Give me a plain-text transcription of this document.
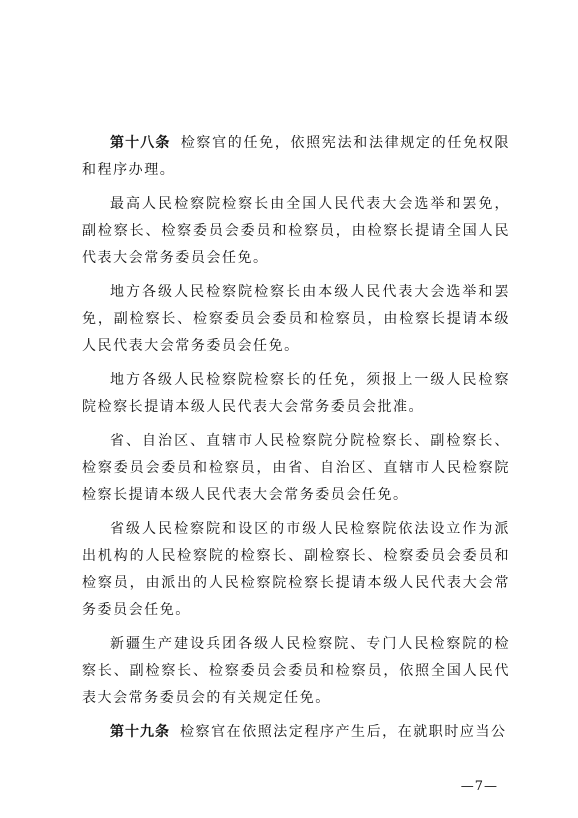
第十八条 检察官的任免，依照宪法和法律规定的任免权限和程序办理。

最高人民检察院检察长由全国人民代表大会选举和罢免，副检察长、检察委员会委员和检察员，由检察长提请全国人民代表大会常务委员会任免。

地方各级人民检察院检察长由本级人民代表大会选举和罢免，副检察长、检察委员会委员和检察员，由检察长提请本级人民代表大会常务委员会任免。

地方各级人民检察院检察长的任免，须报上一级人民检察院检察长提请本级人民代表大会常务委员会批准。

省、自治区、直辖市人民检察院分院检察长、副检察长、检察委员会委员和检察员，由省、自治区、直辖市人民检察院检察长提请本级人民代表大会常务委员会任免。

省级人民检察院和设区的市级人民检察院依法设立作为派出机构的人民检察院的检察长、副检察长、检察委员会委员和检察员，由派出的人民检察院检察长提请本级人民代表大会常务委员会任免。

新疆生产建设兵团各级人民检察院、专门人民检察院的检察长、副检察长、检察委员会委员和检察员，依照全国人民代表大会常务委员会的有关规定任免。

第十九条 检察官在依照法定程序产生后，在就职时应当公

—7—
